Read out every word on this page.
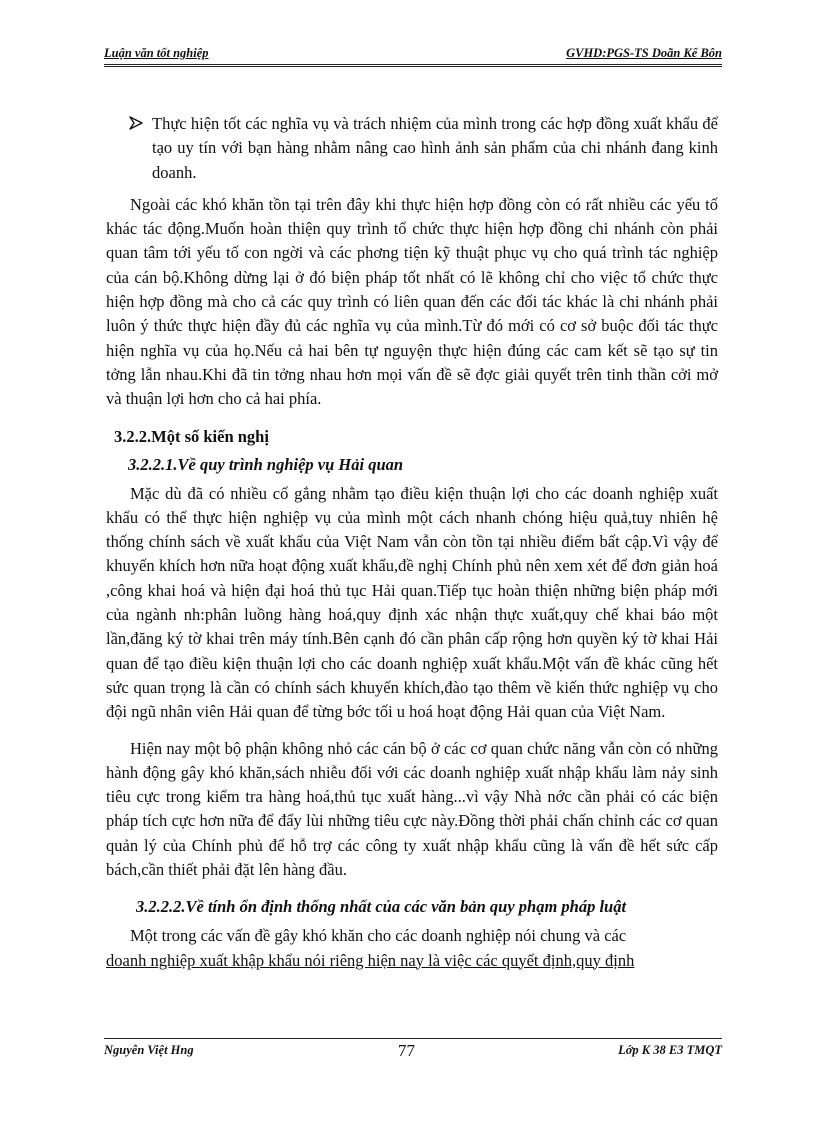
Luận văn tốt nghiệp	GVHD:PGS-TS Doãn Kế Bôn

Thực hiện tốt các nghĩa vụ và trách nhiệm của mình trong các hợp đồng xuất khẩu để tạo uy tín với bạn hàng nhằm nâng cao hình ảnh sản phẩm của chi nhánh đang kinh doanh.

Ngoài các khó khăn tồn tại trên đây khi thực hiện hợp đồng còn có rất nhiều các yếu tố khác tác động.Muốn hoàn thiện quy trình tổ chức thực hiện hợp đồng chi nhánh còn phải quan tâm tới yếu tố con ngời và các phơng tiện kỹ thuật phục vụ cho quá trình tác nghiệp của cán bộ.Không dừng lại ở đó biện pháp tốt nhất có lẽ không chỉ cho việc tổ chức thực hiện hợp đồng mà cho cả các quy trình có liên quan đến các đối tác khác là chi nhánh phải luôn ý thức thực hiện đầy đủ các nghĩa vụ của mình.Từ đó mới có cơ sở buộc đối tác thực hiện nghĩa vụ của họ.Nếu cả hai bên tự nguyện thực hiện đúng các cam kết sẽ tạo sự tin tởng lẫn nhau.Khi đã tin tởng nhau hơn mọi vấn đề sẽ đợc giải quyết trên tinh thần cởi mở và thuận lợi hơn cho cả hai phía.

3.2.2.Một số kiến nghị
3.2.2.1.Về quy trình nghiệp vụ Hải quan

Mặc dù đã có nhiều cố gắng nhằm tạo điều kiện thuận lợi cho các doanh nghiệp xuất khẩu có thể thực hiện nghiệp vụ của mình một cách nhanh chóng hiệu quả,tuy nhiên hệ thống chính sách về xuất khẩu của Việt Nam vẫn còn tồn tại nhiều điểm bất cập.Vì vậy để khuyến khích hơn nữa hoạt động xuất khẩu,đề nghị Chính phủ nên xem xét để đơn giản hoá ,công khai hoá và hiện đại hoá thủ tục Hải quan.Tiếp tục hoàn thiện những biện pháp mới của ngành nh:phân luồng hàng hoá,quy định xác nhận thực xuất,quy chế khai báo một lần,đăng ký tờ khai trên máy tính.Bên cạnh đó cần phân cấp rộng hơn quyền ký tờ khai Hải quan để tạo điều kiện thuận lợi cho các doanh nghiệp xuất khẩu.Một vấn đề khác cũng hết sức quan trọng là cần có chính sách khuyến khích,đào tạo thêm về kiến thức nghiệp vụ cho đội ngũ nhân viên Hải quan để từng bớc tối u hoá hoạt động Hải quan của Việt Nam.

Hiện nay một bộ phận không nhỏ các cán bộ ở các cơ quan chức năng vẫn còn có những hành động gây khó khăn,sách nhiễu đối với các doanh nghiệp xuất nhập khẩu làm nảy sinh tiêu cực trong kiểm tra hàng hoá,thủ tục xuất hàng...vì vậy Nhà nớc cần phải có các biện pháp tích cực hơn nữa để đẩy lùi những tiêu cực này.Đồng thời phải chấn chỉnh các cơ quan quản lý của Chính phủ để hỗ trợ các công ty xuất nhập khẩu cũng là vấn đề hết sức cấp bách,cần thiết phải đặt lên hàng đầu.

3.2.2.2.Về tính ổn định thống nhất của các văn bản quy phạm pháp luật

Một trong các vấn đề gây khó khăn cho các doanh nghiệp nói chung và các

doanh nghiệp xuất khập khẩu nói riêng hiện nay là việc các quyết định,quy định

Nguyễn Việt Hng	77	Lớp K 38 E3 TMQT
